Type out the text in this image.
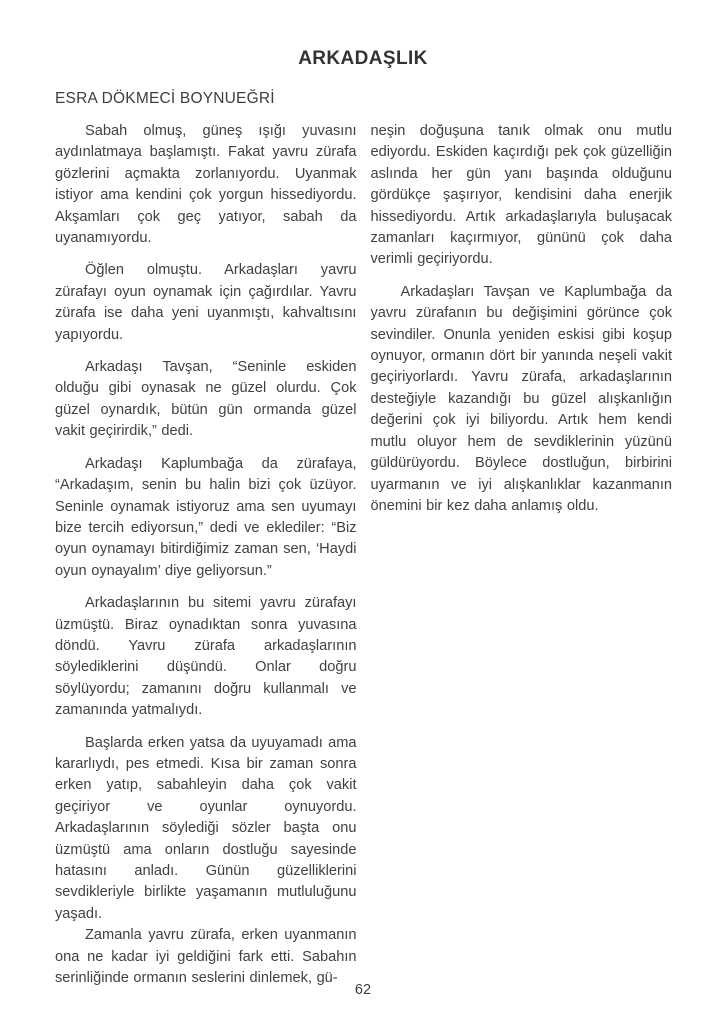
ARKADAŞLIK
ESRA DÖKMECİ BOYNUEĞRİ

Sabah olmuş, güneş ışığı yuvasını aydınlatmaya başlamıştı. Fakat yavru zürafa gözlerini açmakta zorlanıyordu. Uyanmak istiyor ama kendini çok yorgun hissediyordu. Akşamları çok geç yatıyor, sabah da uyanamıyordu.

Öğlen olmuştu. Arkadaşları yavru zürafayı oyun oynamak için çağırdılar. Yavru zürafa ise daha yeni uyanmıştı, kahvaltısını yapıyordu.

Arkadaşı Tavşan, “Seninle eskiden olduğu gibi oynasak ne güzel olurdu. Çok güzel oynardık, bütün gün ormanda güzel vakit geçirirdik,” dedi.

Arkadaşı Kaplumbağa da zürafaya, “Arkadaşım, senin bu halin bizi çok üzüyor. Seninle oynamak istiyoruz ama sen uyumayı bize tercih ediyorsun,” dedi ve eklediler: “Biz oyun oynamayı bitirdiğimiz zaman sen, ‘Haydi oyun oynayalım’ diye geliyorsun.”

Arkadaşlarının bu sitemi yavru zürafayı üzmüştü. Biraz oynadıktan sonra yuvasına döndü. Yavru zürafa arkadaşlarının söylediklerini düşündü. Onlar doğru söylüyordu; zamanını doğru kullanmalı ve zamanında yatmalıydı.

Başlarda erken yatsa da uyuyamadı ama kararlıydı, pes etmedi. Kısa bir zaman sonra erken yatıp, sabahleyin daha çok vakit geçiriyor ve oyunlar oynuyordu. Arkadaşlarının söylediği sözler başta onu üzmüştü ama onların dostluğu sayesinde hatasını anladı. Günün güzelliklerini sevdikleriyle birlikte yaşamanın mutluluğunu yaşadı.

Zamanla yavru zürafa, erken uyanmanın ona ne kadar iyi geldiğini fark etti. Sabahın serinliğinde ormanın seslerini dinlemek, gü-

neşin doğuşuna tanık olmak onu mutlu ediyordu. Eskiden kaçırdığı pek çok güzelliğin aslında her gün yanı başında olduğunu gördükçe şaşırıyor, kendisini daha enerjik hissediyordu. Artık arkadaşlarıyla buluşacak zamanları kaçırmıyor, gününü çok daha verimli geçiriyordu.

Arkadaşları Tavşan ve Kaplumbağa da yavru zürafanın bu değişimini görünce çok sevindiler. Onunla yeniden eskisi gibi koşup oynuyor, ormanın dört bir yanında neşeli vakit geçiriyorlardı. Yavru zürafa, arkadaşlarının desteğiyle kazandığı bu güzel alışkanlığın değerini çok iyi biliyordu. Artık hem kendi mutlu oluyor hem de sevdiklerinin yüzünü güldürüyordu. Böylece dostluğun, birbirini uyarmanın ve iyi alışkanlıklar kazanmanın önemini bir kez daha anlamış oldu.

62
